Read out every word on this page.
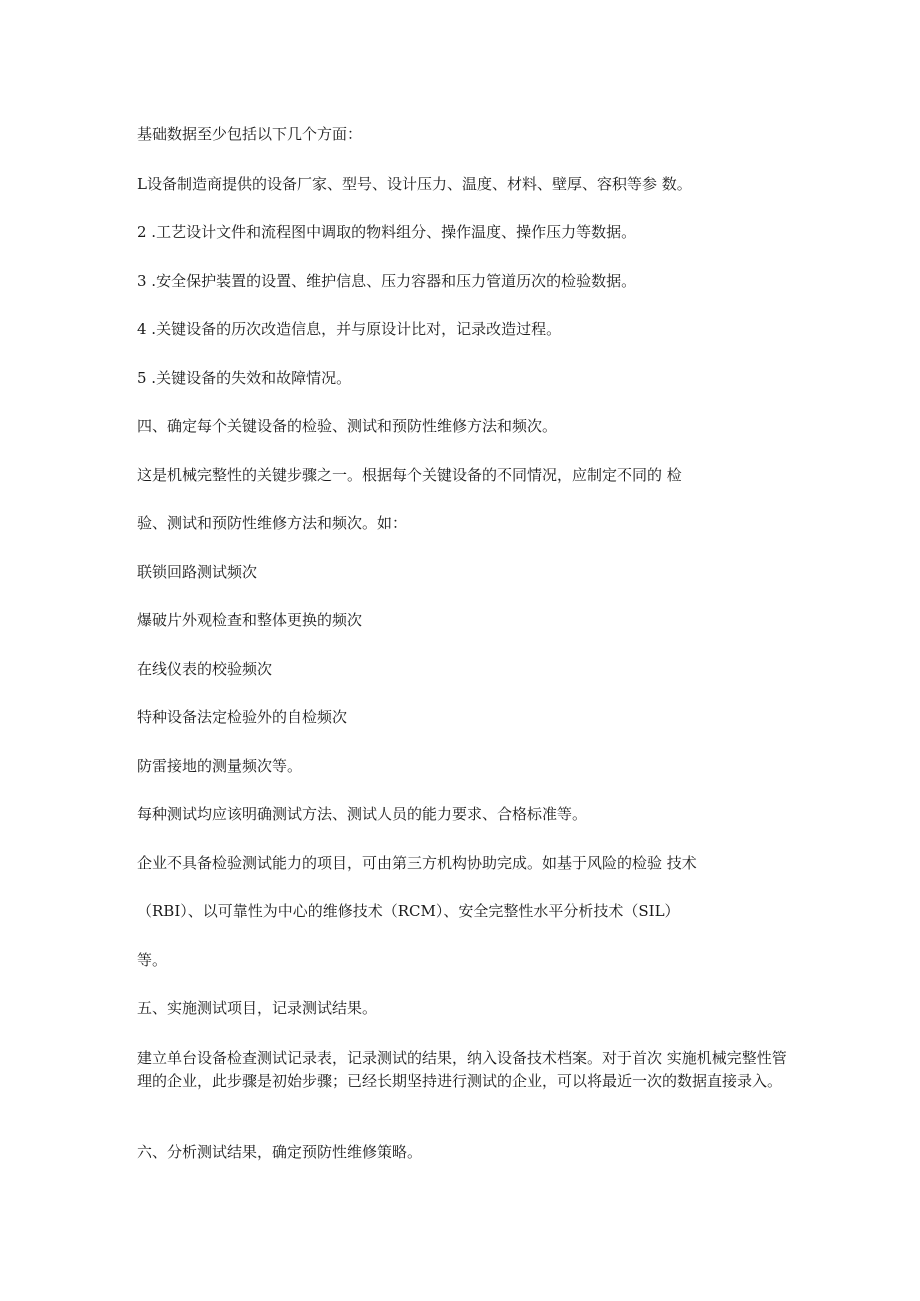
基础数据至少包括以下几个方面：

L设备制造商提供的设备厂家、型号、设计压力、温度、材料、壁厚、容积等参 数。

2 .工艺设计文件和流程图中调取的物料组分、操作温度、操作压力等数据。

3 .安全保护装置的设置、维护信息、压力容器和压力管道历次的检验数据。

4 .关键设备的历次改造信息，并与原设计比对，记录改造过程。

5 .关键设备的失效和故障情况。

四、确定每个关键设备的检验、测试和预防性维修方法和频次。

这是机械完整性的关键步骤之一。根据每个关键设备的不同情况，应制定不同的 检

验、测试和预防性维修方法和频次。如：

联锁回路测试频次

爆破片外观检查和整体更换的频次

在线仪表的校验频次

特种设备法定检验外的自检频次

防雷接地的测量频次等。

每种测试均应该明确测试方法、测试人员的能力要求、合格标准等。

企业不具备检验测试能力的项目，可由第三方机构协助完成。如基于风险的检验 技术

（RBI）、以可靠性为中心的维修技术（RCM）、安全完整性水平分析技术（SIL）

等。

五、实施测试项目，记录测试结果。

建立单台设备检查测试记录表，记录测试的结果，纳入设备技术档案。对于首次 实施机械完整性管理的企业，此步骤是初始步骤；已经长期坚持进行测试的企业，可以将最近一次的数据直接录入。

六、分析测试结果，确定预防性维修策略。
